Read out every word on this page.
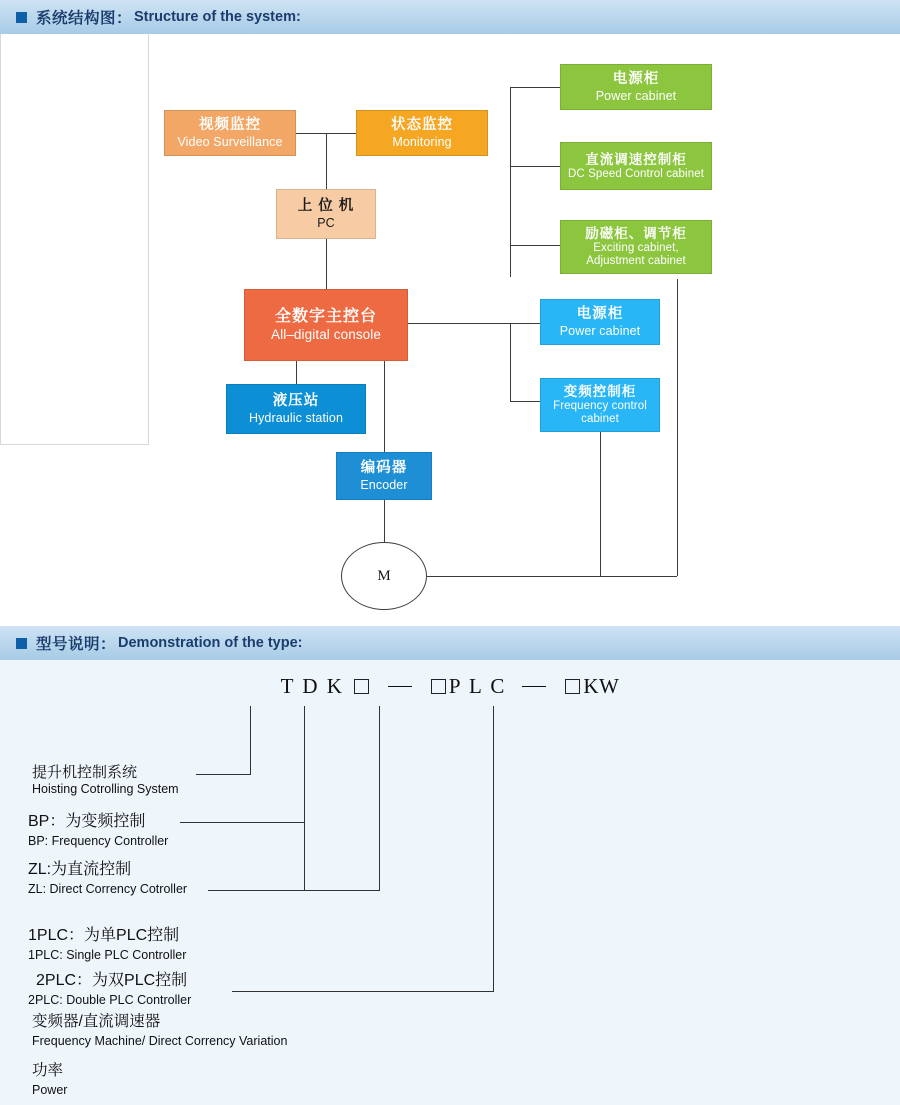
系统结构图： Structure of the system:
视频监控
Video Surveillance
状态监控
Monitoring
上 位 机
PC
全数字主控台
All–digital console
液压站
Hydraulic station
编码器
Encoder
电源柜
Power cabinet
直流调速控制柜
DC Speed Control cabinet
励磁柜、调节柜
Exciting cabinet, Adjustment cabinet
电源柜
Power cabinet
变频控制柜
Frequency control cabinet
M
型号说明： Demonstration of the type:
T D K	P L C	KW
提升机控制系统
Hoisting Cotrolling System
BP：为变频控制
BP: Frequency Controller
ZL:为直流控制
ZL: Direct Corrency Cotroller
1PLC：为单PLC控制
1PLC: Single PLC Controller
2PLC：为双PLC控制
2PLC: Double PLC Controller
变频器/直流调速器
Frequency Machine/ Direct Corrency Variation
功率
Power
